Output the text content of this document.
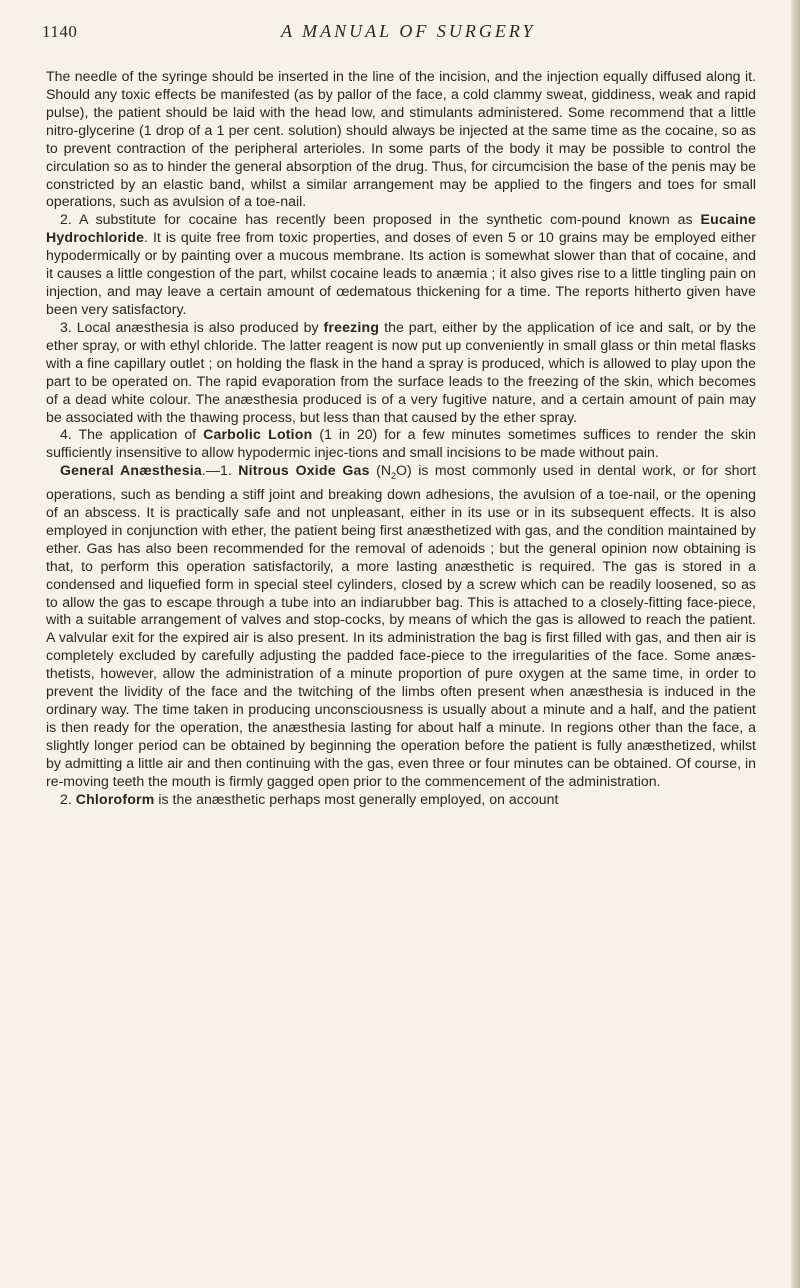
1140	A MANUAL OF SURGERY

The needle of the syringe should be inserted in the line of the incision, and the injection equally diffused along it. Should any toxic effects be manifested (as by pallor of the face, a cold clammy sweat, giddiness, weak and rapid pulse), the patient should be laid with the head low, and stimulants administered. Some recommend that a little nitro-glycerine (1 drop of a 1 per cent. solution) should always be injected at the same time as the cocaine, so as to prevent contraction of the peripheral arterioles. In some parts of the body it may be possible to control the circulation so as to hinder the general absorption of the drug. Thus, for circumcision the base of the penis may be constricted by an elastic band, whilst a similar arrangement may be applied to the fingers and toes for small operations, such as avulsion of a toe-nail.

2. A substitute for cocaine has recently been proposed in the synthetic com-pound known as Eucaine Hydrochloride. It is quite free from toxic properties, and doses of even 5 or 10 grains may be employed either hypodermically or by painting over a mucous membrane. Its action is somewhat slower than that of cocaine, and it causes a little congestion of the part, whilst cocaine leads to anæmia ; it also gives rise to a little tingling pain on injection, and may leave a certain amount of œdematous thickening for a time. The reports hitherto given have been very satisfactory.

3. Local anæsthesia is also produced by freezing the part, either by the application of ice and salt, or by the ether spray, or with ethyl chloride. The latter reagent is now put up conveniently in small glass or thin metal flasks with a fine capillary outlet ; on holding the flask in the hand a spray is produced, which is allowed to play upon the part to be operated on. The rapid evaporation from the surface leads to the freezing of the skin, which becomes of a dead white colour. The anæsthesia produced is of a very fugitive nature, and a certain amount of pain may be associated with the thawing process, but less than that caused by the ether spray.

4. The application of Carbolic Lotion (1 in 20) for a few minutes sometimes suffices to render the skin sufficiently insensitive to allow hypodermic injec-tions and small incisions to be made without pain.

General Anæsthesia.—1. Nitrous Oxide Gas $(N_2O)$ is most commonly used in dental work, or for short operations, such as bending a stiff joint and breaking down adhesions, the avulsion of a toe-nail, or the opening of an abscess. It is practically safe and not unpleasant, either in its use or in its subsequent effects. It is also employed in conjunction with ether, the patient being first anæsthetized with gas, and the condition maintained by ether. Gas has also been recommended for the removal of adenoids ; but the general opinion now obtaining is that, to perform this operation satisfactorily, a more lasting anæsthetic is required. The gas is stored in a condensed and liquefied form in special steel cylinders, closed by a screw which can be readily loosened, so as to allow the gas to escape through a tube into an indiarubber bag. This is attached to a closely-fitting face-piece, with a suitable arrangement of valves and stop-cocks, by means of which the gas is allowed to reach the patient. A valvular exit for the expired air is also present. In its administration the bag is first filled with gas, and then air is completely excluded by carefully adjusting the padded face-piece to the irregularities of the face. Some anæs-thetists, however, allow the administration of a minute proportion of pure oxygen at the same time, in order to prevent the lividity of the face and the twitching of the limbs often present when anæsthesia is induced in the ordinary way. The time taken in producing unconsciousness is usually about a minute and a half, and the patient is then ready for the operation, the anæsthesia lasting for about half a minute. In regions other than the face, a slightly longer period can be obtained by beginning the operation before the patient is fully anæsthetized, whilst by admitting a little air and then continuing with the gas, even three or four minutes can be obtained. Of course, in re-moving teeth the mouth is firmly gagged open prior to the commencement of the administration.

2. Chloroform is the anæsthetic perhaps most generally employed, on account
